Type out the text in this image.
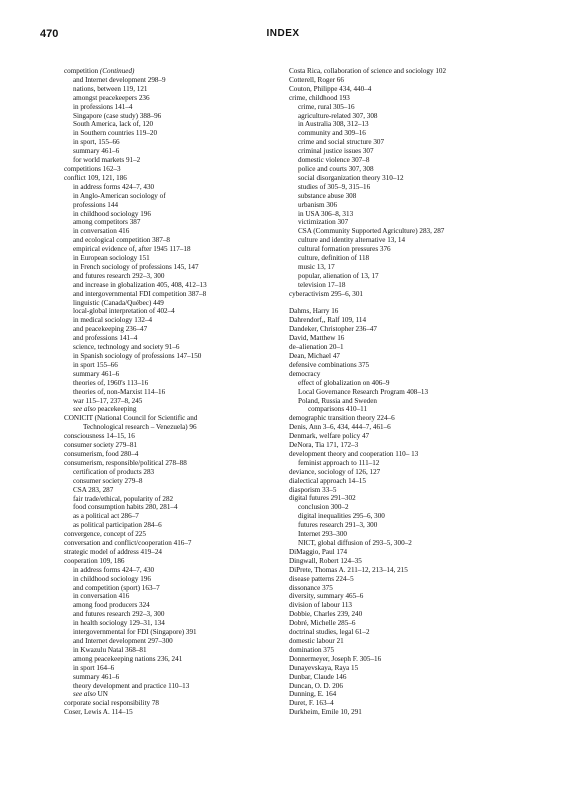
470	INDEX
competition (Continued)
and Internet development 298–9
nations, between 119, 121
amongst peacekeepers 236
in professions 141–4
Singapore (case study) 388–96
South America, lack of, 120
in Southern countries 119–20
in sport, 155–66
summary 461–6
for world markets 91–2
competitions 162–3
conflict 109, 121, 186
in address forms 424–7, 430
in Anglo-American sociology of
professions 144
in childhood sociology 196
among competitors 387
in conversation 416
and ecological competition 387–8
empirical evidence of, after 1945 117–18
in European sociology 151
in French sociology of professions 145, 147
and futures research 292–3, 300
and increase in globalization 405, 408, 412–13
and intergovernmental FDI competition 387–8
linguistic (Canada/Québec) 449
local-global interpretation of 402–4
in medical sociology 132–4
and peacekeeping 236–47
and professions 141–4
science, technology and society 91–6
in Spanish sociology of professions 147–150
in sport 155–66
summary 461–6
theories of, 1960's 113–16
theories of, non-Marxist 114–16
war 115–17, 237–8, 245
see also peacekeeping
CONICIT (National Council for Scientific and
Technological research – Venezuela) 96
consciousness 14–15, 16
consumer society 279–81
consumerism, food 280–4
consumerism, responsible/political 278–88
certification of products 283
consumer society 279–8
CSA 283, 287
fair trade/ethical, popularity of 282
food consumption habits 280, 281–4
as a political act 286–7
as political participation 284–6
convergence, concept of 225
conversation and conflict/cooperation 416–7
strategic model of address 419–24
cooperation 109, 186
in address forms 424–7, 430
in childhood sociology 196
and competition (sport) 163–7
in conversation 416
among food producers 324
and futures research 292–3, 300
in health sociology 129–31, 134
intergovernmental for FDI (Singapore) 391
and Internet development 297–300
in Kwazulu Natal 368–81
among peacekeeping nations 236, 241
in sport 164–6
summary 461–6
theory development and practice 110–13
see also UN
corporate social responsibility 78
Coser, Lewis A. 114–15
Costa Rica, collaboration of science and sociology 102
Cotterell, Roger 66
Couton, Philippe 434, 440–4
crime, childhood 193
crime, rural 305–16
agriculture-related 307, 308
in Australia 308, 312–13
community and 309–16
crime and social structure 307
criminal justice issues 307
domestic violence 307–8
police and courts 307, 308
social disorganization theory 310–12
studies of 305–9, 315–16
substance abuse 308
urbanism 306
in USA 306–8, 313
victimization 307
CSA (Community Supported Agriculture) 283, 287
culture and identity alternative 13, 14
cultural formation pressures 376
culture, definition of 118
music 13, 17
popular, alienation of 13, 17
television 17–18
cyberactivism 295–6, 301
Dahms, Harry 16
Dahrendorf,, Ralf 109, 114
Dandeker, Christopher 236–47
David, Matthew 16
de–alienation 20–1
Dean, Michael 47
defensive combinations 375
democracy
effect of globalization on 406–9
Local Governance Research Program 408–13
Poland, Russia and Sweden
comparisons 410–11
demographic transition theory 224–6
Denis, Ann 3–6, 434, 444–7, 461–6
Denmark, welfare policy 47
DeNora, Tia 171, 172–3
development theory and cooperation 110– 13
feminist approach to 111–12
deviance, sociology of 126, 127
dialectical approach 14–15
diasporism 33–5
digital futures 291–302
conclusion 300–2
digital inequalities 295–6, 300
futures research 291–3, 300
Internet 293–300
NICT, global diffusion of 293–5, 300–2
DiMaggio, Paul 174
Dingwall, Robert 124–35
DiPrete, Thomas A. 211–12, 213–14, 215
disease patterns 224–5
dissonance 375
diversity, summary 465–6
division of labour 113
Dobbie, Charles 239, 240
Dobré, Michelle 285–6
doctrinal studies, legal 61–2
domestic labour 21
domination 375
Donnermeyer, Joseph F. 305–16
Dunayevskaya, Raya 15
Dunbar, Claude 146
Duncan, O. D. 206
Dunning, E. 164
Duret, F. 163–4
Durkheim, Emile 10, 291
